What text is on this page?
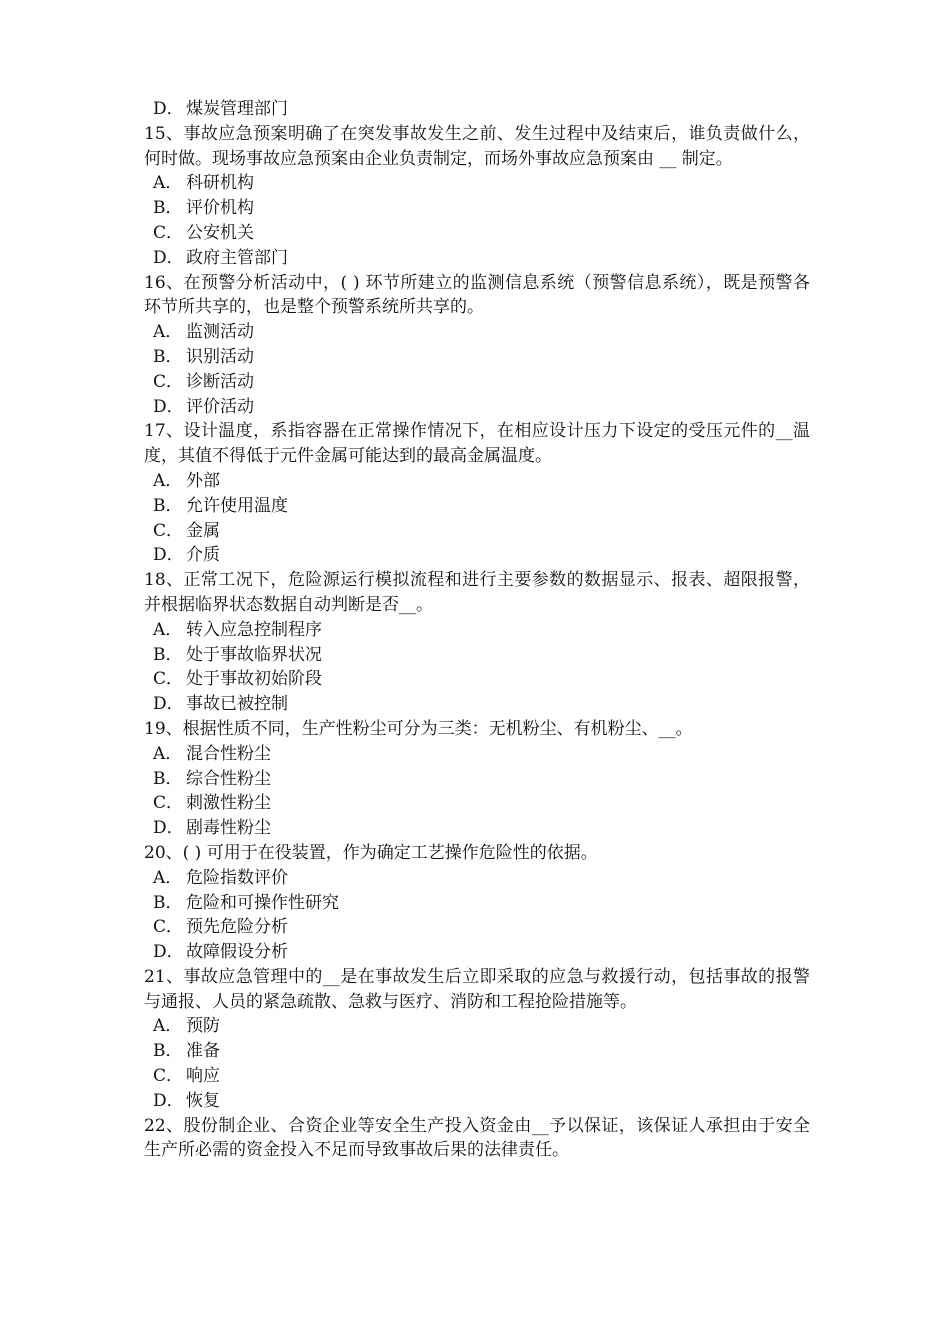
D． 煤炭管理部门

15、事故应急预案明确了在突发事故发生之前、发生过程中及结束后，谁负责做什么，何时做。现场事故应急预案由企业负责制定，而场外事故应急预案由 __ 制定。

A． 科研机构
B． 评价机构
C． 公安机关
D． 政府主管部门

16、在预警分析活动中，( ) 环节所建立的监测信息系统（预警信息系统），既是预警各环节所共享的，也是整个预警系统所共享的。

A． 监测活动
B． 识别活动
C． 诊断活动
D． 评价活动

17、设计温度，系指容器在正常操作情况下，在相应设计压力下设定的受压元件的__温度，其值不得低于元件金属可能达到的最高金属温度。

A． 外部
B． 允许使用温度
C． 金属
D． 介质

18、正常工况下，危险源运行模拟流程和进行主要参数的数据显示、报表、超限报警，并根据临界状态数据自动判断是否__。

A． 转入应急控制程序
B． 处于事故临界状况
C． 处于事故初始阶段
D． 事故已被控制

19、根据性质不同，生产性粉尘可分为三类：无机粉尘、有机粉尘、__。

A． 混合性粉尘
B． 综合性粉尘
C． 刺激性粉尘
D． 剧毒性粉尘

20、( ) 可用于在役装置，作为确定工艺操作危险性的依据。

A． 危险指数评价
B． 危险和可操作性研究
C． 预先危险分析
D． 故障假设分析

21、事故应急管理中的__是在事故发生后立即采取的应急与救援行动，包括事故的报警与通报、人员的紧急疏散、急救与医疗、消防和工程抢险措施等。

A． 预防
B． 准备
C． 响应
D． 恢复

22、股份制企业、合资企业等安全生产投入资金由__予以保证，该保证人承担由于安全生产所必需的资金投入不足而导致事故后果的法律责任。
